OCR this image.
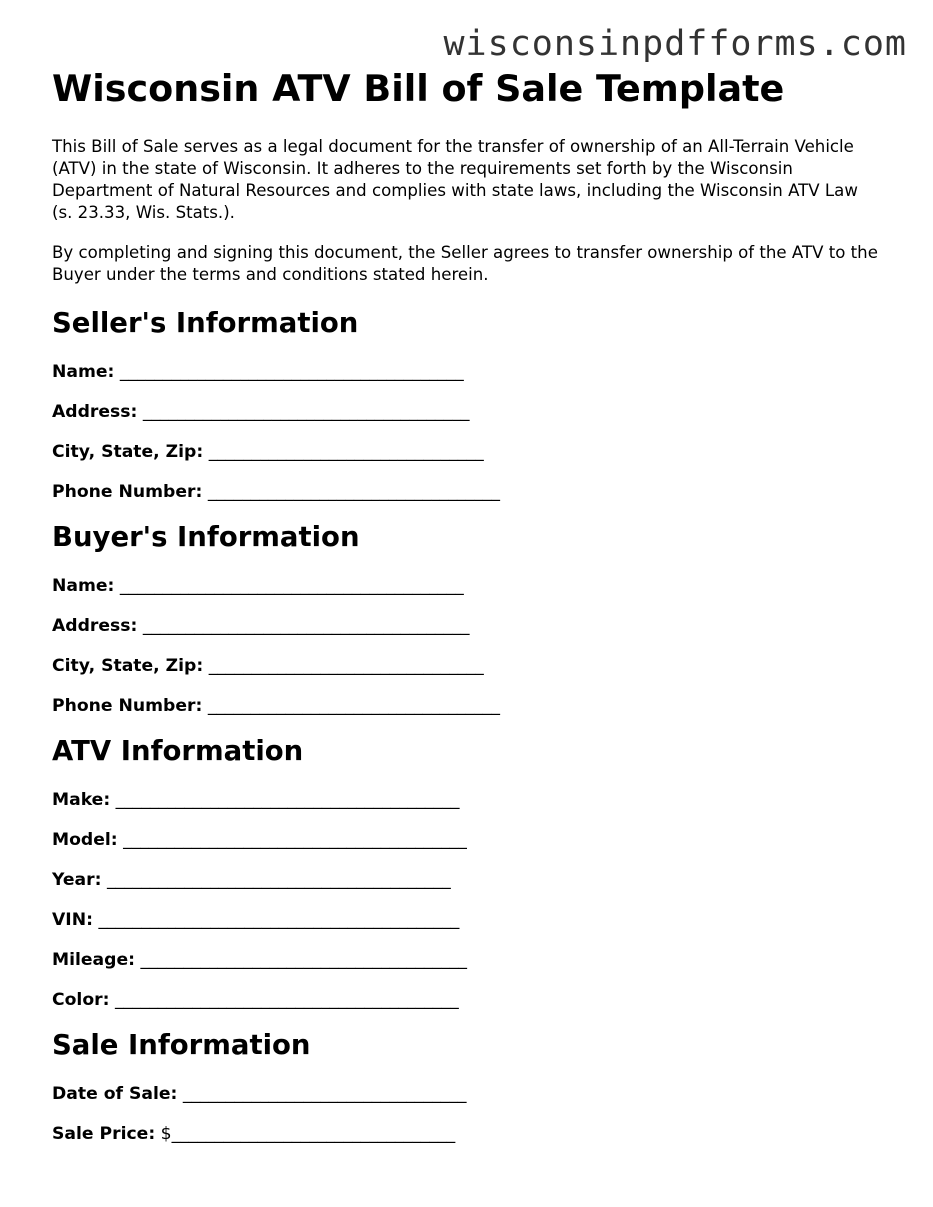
wisconsinpdfforms.com
Wisconsin ATV Bill of Sale Template

This Bill of Sale serves as a legal document for the transfer of ownership of an All-Terrain Vehicle (ATV) in the state of Wisconsin. It adheres to the requirements set forth by the Wisconsin Department of Natural Resources and complies with state laws, including the Wisconsin ATV Law (s. 23.33, Wis. Stats.).

By completing and signing this document, the Seller agrees to transfer ownership of the ATV to the Buyer under the terms and conditions stated herein.

Seller's Information
Name: ________________________________________
Address: ______________________________________
City, State, Zip: ________________________________
Phone Number: __________________________________
Buyer's Information
Name: ________________________________________
Address: ______________________________________
City, State, Zip: ________________________________
Phone Number: __________________________________
ATV Information
Make: ________________________________________
Model: ________________________________________
Year: ________________________________________
VIN: __________________________________________
Mileage: ______________________________________
Color: ________________________________________
Sale Information
Date of Sale: _________________________________
Sale Price: $_________________________________
